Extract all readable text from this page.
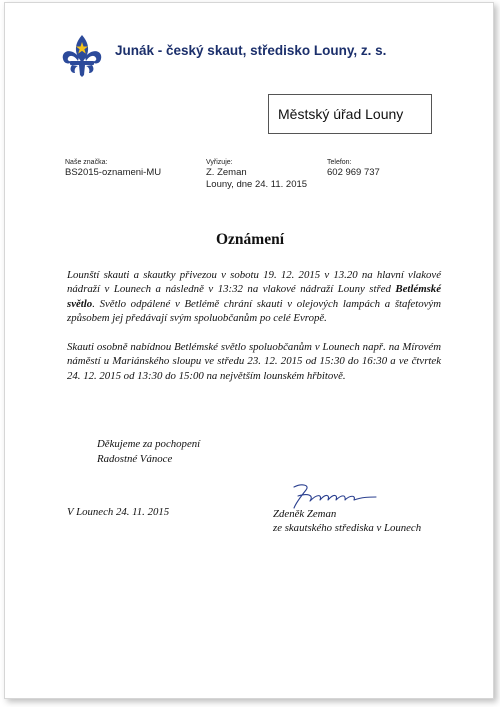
Junák - český skaut, středisko Louny, z. s.
Městský úřad Louny
Naše značka:
BS2015-oznameni-MU
Vyřizuje:
Z. Zeman
Louny, dne 24. 11. 2015
Telefon:
602 969 737
Oznámení
Lounští skauti a skautky přivezou v sobotu 19. 12. 2015 v 13.20 na hlavní vlakové nádraží v Lounech a následně v 13:32 na vlakové nádraží Louny střed Betlémské světlo. Světlo odpálené v Betlémě chrání skauti v olejových lampách a štafetovým způsobem jej předávají svým spoluobčanům po celé Evropě.
Skauti osobně nabídnou Betlémské světlo spoluobčanům v Lounech např. na Mírovém náměstí u Mariánského sloupu ve středu 23. 12. 2015 od 15:30 do 16:30 a ve čtvrtek 24. 12. 2015 od 13:30 do 15:00 na největším lounském hřbitově.
Děkujeme za pochopení
Radostné Vánoce
V Lounech 24. 11. 2015	Zdeněk Zeman
ze skautského střediska v Lounech
